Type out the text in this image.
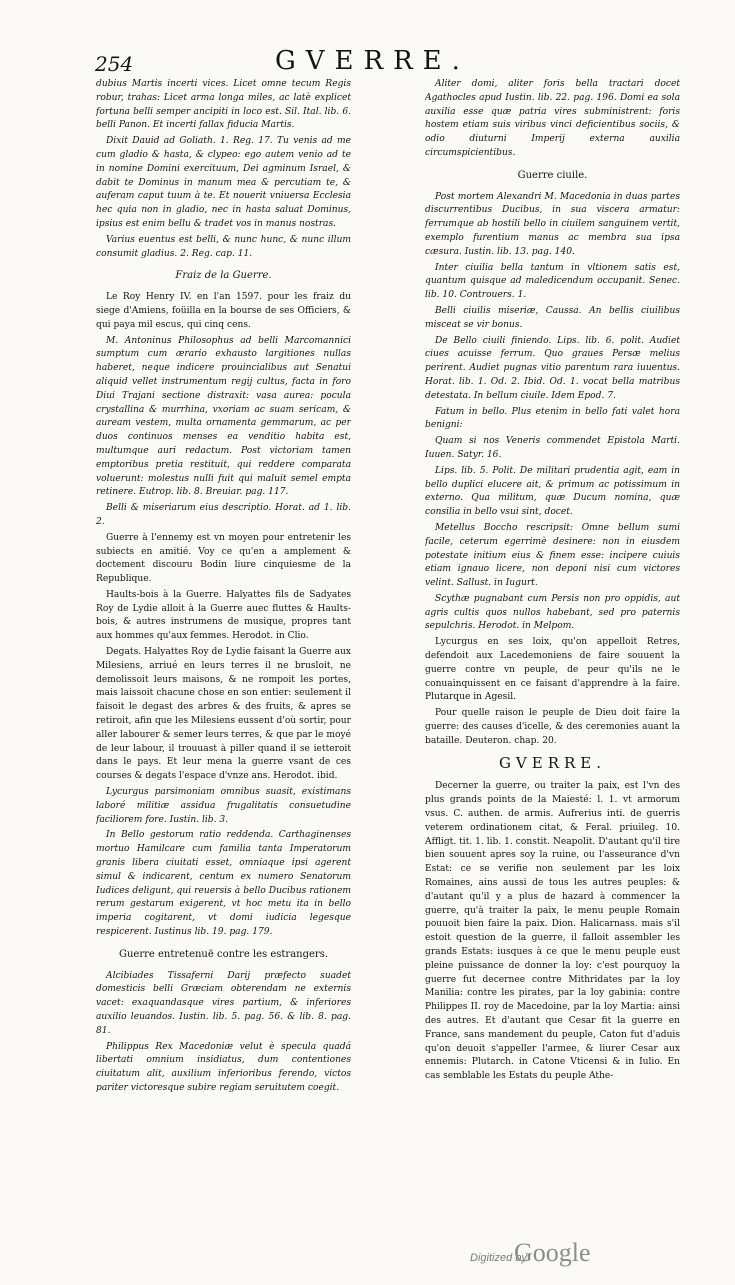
254	GVERRE.

dubius Martis incerti vices. Licet omne tecum Regis robur, trahas: Licet arma longa miles, ac latè explicet fortuna belli semper ancipiti in loco est. Sil. Ital. lib. 6. belli Panon. Et incerti fallax fiducia Martis.

Dixit Dauid ad Goliath. 1. Reg. 17. Tu venis ad me cum gladio & hasta, & clypeo: ego autem venio ad te in nomine Domini exercituum, Dei agminum Israel, & dabit te Dominus in manum mea & percutiam te, & auferam caput tuum à te. Et nouerit vniuersa Ecclesia hec quia non in gladio, nec in hasta saluat Dominus, ipsius est enim bellu & tradet vos in manus nostras.

Varius euentus est belli, & nunc hunc, & nunc illum consumit gladius. 2. Reg. cap. 11.

Fraiz de la Guerre.

Le Roy Henry IV. en l'an 1597. pour les fraiz du siege d'Amiens, foüilla en la bourse de ses Officiers, & qui paya mil escus, qui cinq cens.

M. Antoninus Philosophus ad belli Marcomannici sumptum cum ærario exhausto largitiones nullas haberet, neque indicere prouincialibus aut Senatui aliquid vellet instrumentum regij cultus, facta in foro Diui Trajani sectione distraxit: vasa aurea: pocula crystallina & murrhina, vxoriam ac suam sericam, & auream vestem, multa ornamenta gemmarum, ac per duos continuos menses ea venditio habita est, multumque auri redactum. Post victoriam tamen emptoribus pretia restituit, qui reddere comparata voluerunt: molestus nulli fuit qui maluit semel empta retinere. Eutrop. lib. 8. Breuiar. pag. 117.

Belli & miseriarum eius descriptio. Horat. ad 1. lib. 2.

Guerre à l'ennemy est vn moyen pour entretenir les subiects en amitié. Voy ce qu'en a amplement & doctement discouru Bodin liure cinquiesme de la Republique.

Haults-bois à la Guerre. Halyattes fils de Sadyates Roy de Lydie alloit à la Guerre auec fluttes & Haults-bois, & autres instrumens de musique, propres tant aux hommes qu'aux femmes. Herodot. in Clio.

Degats. Halyattes Roy de Lydie faisant la Guerre aux Milesiens, arriué en leurs terres il ne brusloit, ne demolissoit leurs maisons, & ne rompoit les portes, mais laissoit chacune chose en son entier: seulement il faisoit le degast des arbres & des fruits, & apres se retiroit, afin que les Milesiens eussent d'où sortir, pour aller labourer & semer leurs terres, & que par le moyé de leur labour, il trouuast à piller quand il se ietteroit dans le pays. Et leur mena la guerre vsant de ces courses & degats l'espace d'vnze ans. Herodot. ibid.

Lycurgus parsimoniam omnibus suasit, existimans laboré militiæ assidua frugalitatis consuetudine faciliorem fore. Iustin. lib. 3.

In Bello gestorum ratio reddenda. Carthaginenses mortuo Hamilcare cum familia tanta Imperatorum granis libera ciuitati esset, omniaque ipsi agerent simul & indicarent, centum ex numero Senatorum Iudices deligunt, qui reuersis à bello Ducibus rationem rerum gestarum exigerent, vt hoc metu ita in bello imperia cogitarent, vt domi iudicia legesque respicerent. Iustinus lib. 19. pag. 179.

Guerre entretenuë contre les estrangers.

Alcibiades Tissaferni Darij præfecto suadet domesticis belli Græciam obterendam ne externis vacet: exaquandasque vires partium, & inferiores auxilio leuandos. Iustin. lib. 5. pag. 56. & lib. 8. pag. 81.

Philippus Rex Macedoniæ velut è specula quadá libertati omnium insidiatus, dum contentiones ciuitatum alit, auxilium inferioribus ferendo, victos pariter victoresque subire regiam seruitutem coegit.

Aliter domi, aliter foris bella tractari docet Agathocles apud Iustin. lib. 22. pag. 196. Domi ea sola auxilia esse quæ patria vires subministrent: foris hostem etiam suis viribus vinci deficientibus sociis, & odio diuturni Imperij externa auxilia circumspicientibus.

Guerre ciuile.

Post mortem Alexandri M. Macedonia in duas partes discurrentibus Ducibus, in sua viscera armatur: ferrumque ab hostili bello in ciuilem sanguinem vertit, exemplo furentium manus ac membra sua ipsa cæsura. Iustin. lib. 13. pag. 140.

Inter ciuilia bella tantum in vltionem satis est, quantum quisque ad maledicendum occupanit. Senec. lib. 10. Controuers. 1.

Belli ciuilis miseriæ, Caussa. An bellis ciuilibus misceat se vir bonus.

De Bello ciuili finiendo. Lips. lib. 6. polit. Audiet ciues acuisse ferrum. Quo graues Persæ melius perirent. Audiet pugnas vitio parentum rara iuuentus. Horat. lib. 1. Od. 2. Ibid. Od. 1. vocat bella matribus detestata. In bellum ciuile. Idem Epod. 7.

Fatum in bello. Plus etenim in bello fati valet hora benigni:

Quam si nos Veneris commendet Epistola Marti. Iuuen. Satyr. 16.

Lips. lib. 5. Polit. De militari prudentia agit, eam in bello duplici elucere ait, & primum ac potissimum in externo. Qua militum, quæ Ducum nomina, quæ consilia in bello vsui sint, docet.

Metellus Boccho rescripsit: Omne bellum sumi facile, ceterum egerrimè desinere: non in eiusdem potestate initium eius & finem esse: incipere cuiuis etiam ignauo licere, non deponi nisi cum victores velint. Sallust. in Iugurt.

Scythæ pugnabant cum Persis non pro oppidis, aut agris cultis quos nullos habebant, sed pro paternis sepulchris. Herodot. in Melpom.

Lycurgus en ses loix, qu'on appelloit Retres, defendoit aux Lacedemoniens de faire souuent la guerre contre vn peuple, de peur qu'ils ne le conuainquissent en ce faisant d'apprendre à la faire. Plutarque in Agesil.

Pour quelle raison le peuple de Dieu doit faire la guerre: des causes d'icelle, & des ceremonies auant la bataille. Deuteron. chap. 20.

GVERRE.

Decerner la guerre, ou traiter la paix, est l'vn des plus grands points de la Maiesté: l. 1. vt armorum vsus. C. authen. de armis. Aufrerius inti. de guerris veterem ordinationem citat, & Feral. priuileg. 10. Affligt. tit. 1. lib. 1. constit. Neapolit. D'autant qu'il tire bien souuent apres soy la ruine, ou l'asseurance d'vn Estat: ce se verifie non seulement par les loix Romaines, ains aussi de tous les autres peuples: & d'autant qu'il y a plus de hazard à commencer la guerre, qu'à traiter la paix, le menu peuple Romain pouuoit bien faire la paix. Dion. Halicarnass. mais s'il estoit question de la guerre, il falloit assembler les grands Estats: iusques à ce que le menu peuple eust pleine puissance de donner la loy: c'est pourquoy la guerre fut decernee contre Mithridates par la loy Manilia: contre les pirates, par la loy gabinia: contre Philippes II. roy de Macedoine, par la loy Martia: ainsi des autres. Et d'autant que Cesar fit la guerre en France, sans mandement du peuple, Caton fut d'aduis qu'on deuoit s'appeller l'armee, & liurer Cesar aux ennemis: Plutarch. in Catone Vticensi & in Iulio. En cas semblable les Estats du peuple Athe-

Digitized by
Google
